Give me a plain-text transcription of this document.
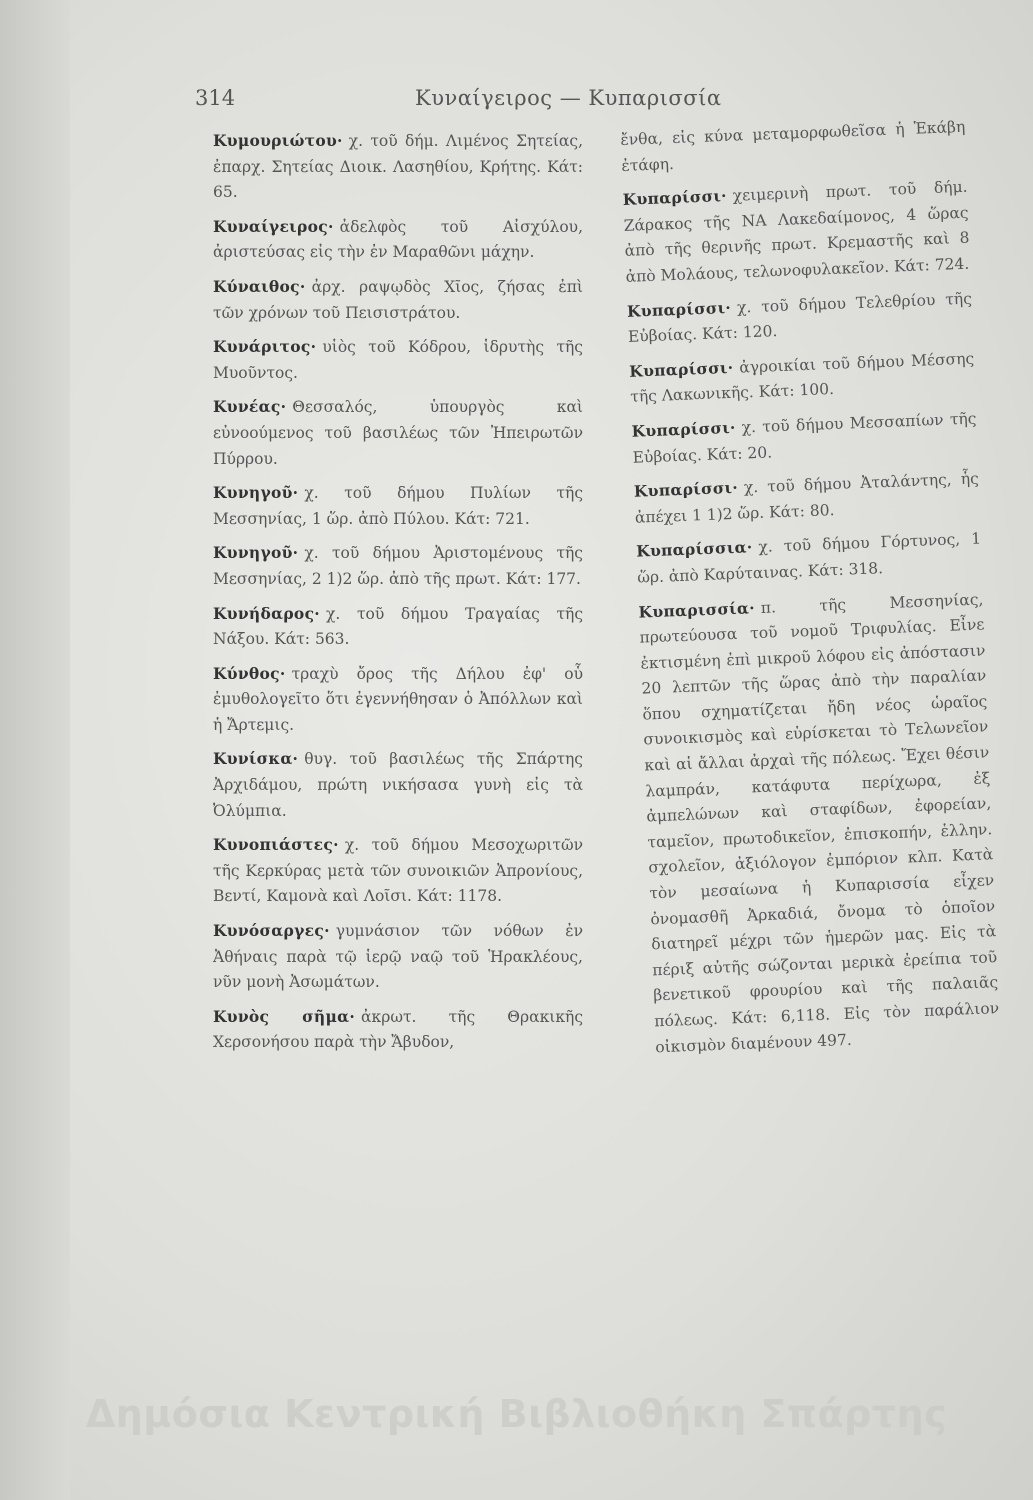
314	Κυναίγειρος — Κυπαρισσία

Κυμουριώτου· χ. τοῦ δήμ. Λιμένος Σητείας, ἐπαρχ. Σητείας Διοικ. Λασηθίου, Κρήτης. Κάτ: 65.

Κυναίγειρος· ἀδελφὸς τοῦ Αἰσχύλου, ἀριστεύσας εἰς τὴν ἐν Μαραθῶνι μάχην.

Κύναιθος· ἀρχ. ραψῳδὸς Χῖος, ζήσας ἐπὶ τῶν χρόνων τοῦ Πεισιστράτου.

Κυνάριτος· υἱὸς τοῦ Κόδρου, ἱδρυτὴς τῆς Μυοῦντος.

Κυνέας· Θεσσαλός, ὑπουργὸς καὶ εὐνοούμενος τοῦ βασιλέως τῶν Ἠπειρωτῶν Πύρρου.

Κυνηγοῦ· χ. τοῦ δήμου Πυλίων τῆς Μεσσηνίας, 1 ὥρ. ἀπὸ Πύλου. Κάτ: 721.

Κυνηγοῦ· χ. τοῦ δήμου Ἀριστομένους τῆς Μεσσηνίας, 2 1)2 ὥρ. ἀπὸ τῆς πρωτ. Κάτ: 177.

Κυνήδαρος· χ. τοῦ δήμου Τραγαίας τῆς Νάξου. Κάτ: 563.

Κύνθος· τραχὺ ὄρος τῆς Δήλου ἐφ' οὗ ἐμυθολογεῖτο ὅτι ἐγεννήθησαν ὁ Ἀπόλλων καὶ ἡ Ἄρτεμις.

Κυνίσκα· θυγ. τοῦ βασιλέως τῆς Σπάρτης Ἀρχιδάμου, πρώτη νικήσασα γυνὴ εἰς τὰ Ὀλύμπια.

Κυνοπιάστες· χ. τοῦ δήμου Μεσοχωριτῶν τῆς Κερκύρας μετὰ τῶν συνοικιῶν Ἀπρονίους, Βεντί, Καμονὰ καὶ Λοῖσι. Κάτ: 1178.

Κυνόσαργες· γυμνάσιον τῶν νόθων ἐν Ἀθήναις παρὰ τῷ ἱερῷ ναῷ τοῦ Ἡρακλέους, νῦν μονὴ Ἀσωμάτων.

Κυνὸς σῆμα· ἀκρωτ. τῆς Θρακικῆς Χερσονήσου παρὰ τὴν Ἄβυδον,

ἔνθα, εἰς κύνα μεταμορφωθεῖσα ἡ Ἑκάβη ἐτάφη.

Κυπαρίσσι· χειμερινὴ πρωτ. τοῦ δήμ. Ζάρακος τῆς ΝΑ Λακεδαίμονος, 4 ὥρας ἀπὸ τῆς θερινῆς πρωτ. Κρεμαστῆς καὶ 8 ἀπὸ Μολάους, τελωνοφυλακεῖον. Κάτ: 724.

Κυπαρίσσι· χ. τοῦ δήμου Τελεθρίου τῆς Εὐβοίας. Κάτ: 120.

Κυπαρίσσι· ἀγροικίαι τοῦ δήμου Μέσσης τῆς Λακωνικῆς. Κάτ: 100.

Κυπαρίσσι· χ. τοῦ δήμου Μεσσαπίων τῆς Εὐβοίας. Κάτ: 20.

Κυπαρίσσι· χ. τοῦ δήμου Ἀταλάντης, ἧς ἀπέχει 1 1)2 ὥρ. Κάτ: 80.

Κυπαρίσσια· χ. τοῦ δήμου Γόρτυνος, 1 ὥρ. ἀπὸ Καρύταινας. Κάτ: 318.

Κυπαρισσία· π. τῆς Μεσσηνίας, πρωτεύουσα τοῦ νομοῦ Τριφυλίας. Εἶνε ἐκτισμένη ἐπὶ μικροῦ λόφου εἰς ἀπόστασιν 20 λεπτῶν τῆς ὥρας ἀπὸ τὴν παραλίαν ὅπου σχηματίζεται ἤδη νέος ὡραῖος συνοικισμὸς καὶ εὑρίσκεται τὸ Τελωνεῖον καὶ αἱ ἄλλαι ἀρχαὶ τῆς πόλεως. Ἔχει θέσιν λαμπράν, κατάφυτα περίχωρα, ἐξ ἀμπελώνων καὶ σταφίδων, ἐφορείαν, ταμεῖον, πρωτοδικεῖον, ἐπισκοπήν, ἑλλην. σχολεῖον, ἀξιόλογον ἐμπόριον κλπ. Κατὰ τὸν μεσαίωνα ἡ Κυπαρισσία εἶχεν ὀνομασθῆ Ἀρκαδιά, ὄνομα τὸ ὁποῖον διατηρεῖ μέχρι τῶν ἡμερῶν μας. Εἰς τὰ πέριξ αὐτῆς σώζονται μερικὰ ἐρείπια τοῦ βενετικοῦ φρουρίου καὶ τῆς παλαιᾶς πόλεως. Κάτ: 6,118. Εἰς τὸν παράλιον οἰκισμὸν διαμένουν 497.

Δημόσια Κεντρική Βιβλιοθήκη Σπάρτης
